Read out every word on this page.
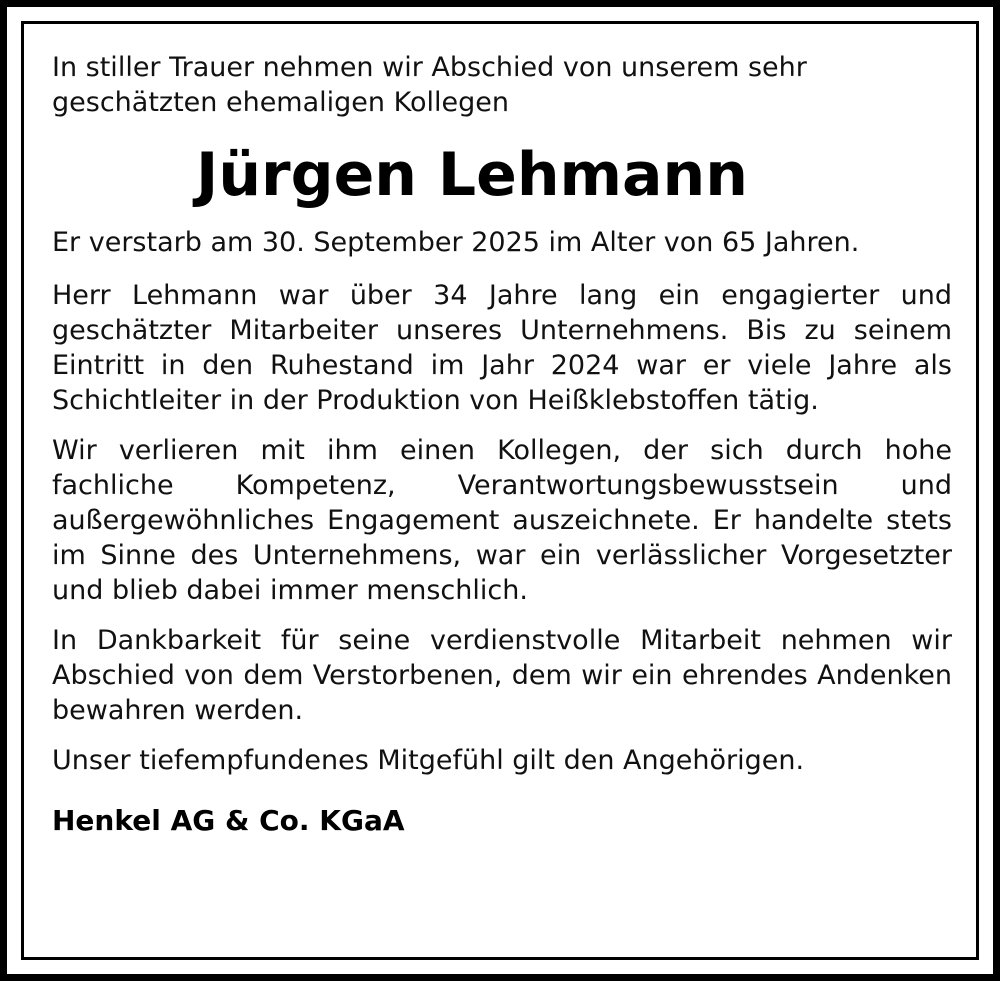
In stiller Trauer nehmen wir Abschied von unserem sehr geschätzten ehemaligen Kollegen

Jürgen Lehmann

Er verstarb am 30. September 2025 im Alter von 65 Jahren.

Herr Lehmann war über 34 Jahre lang ein engagierter und geschätzter Mitarbeiter unseres Unternehmens. Bis zu seinem Eintritt in den Ruhestand im Jahr 2024 war er viele Jahre als Schichtleiter in der Produktion von Heißklebstoffen tätig.

Wir verlieren mit ihm einen Kollegen, der sich durch hohe fachliche Kompetenz, Verantwortungsbewusstsein und außergewöhnliches Engagement auszeichnete. Er handelte stets im Sinne des Unternehmens, war ein verlässlicher Vorgesetzter und blieb dabei immer menschlich.

In Dankbarkeit für seine verdienstvolle Mitarbeit nehmen wir Abschied von dem Verstorbenen, dem wir ein ehrendes Andenken bewahren werden.

Unser tiefempfundenes Mitgefühl gilt den Angehörigen.

Henkel AG & Co. KGaA
